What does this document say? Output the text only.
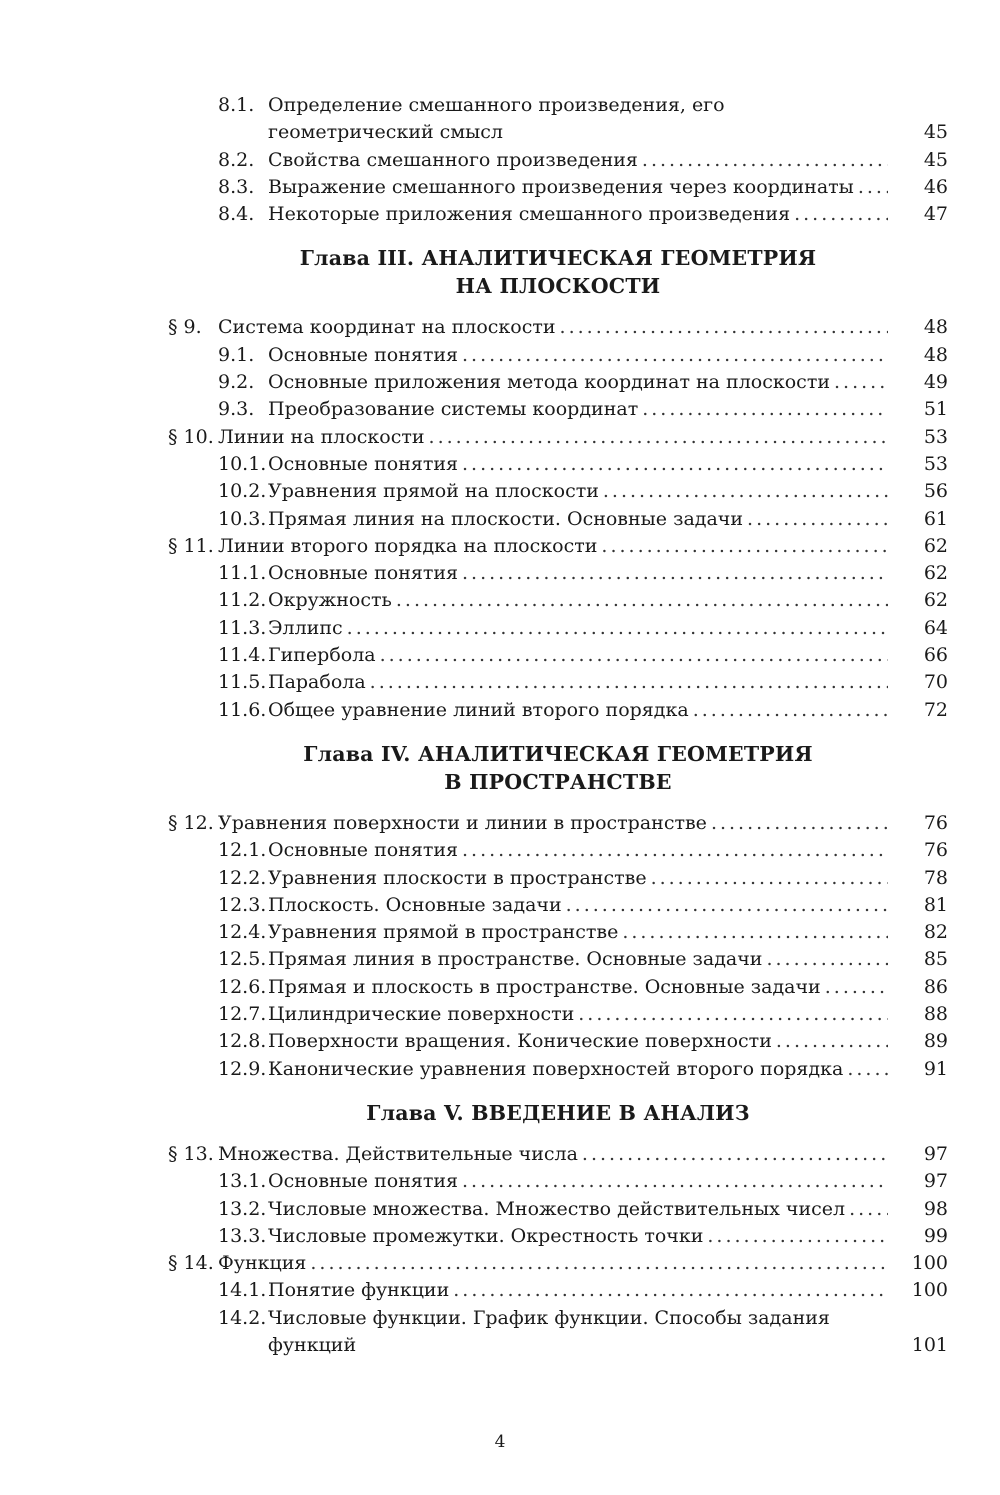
8.1. Определение смешанного произведения, его геометрический смысл	45
8.2. Свойства смешанного произведения .....	45
8.3. Выражение смешанного произведения через координаты .....	46
8.4. Некоторые приложения смешанного произведения .....	47
Глава III. АНАЛИТИЧЕСКАЯ ГЕОМЕТРИЯ
НА ПЛОСКОСТИ
§ 9. Система координат на плоскости .....	48
9.1. Основные понятия .....	48
9.2. Основные приложения метода координат на плоскости .....	49
9.3. Преобразование системы координат .....	51
§ 10. Линии на плоскости .....	53
10.1. Основные понятия .....	53
10.2. Уравнения прямой на плоскости .....	56
10.3. Прямая линия на плоскости. Основные задачи .....	61
§ 11. Линии второго порядка на плоскости .....	62
11.1. Основные понятия .....	62
11.2. Окружность .....	62
11.3. Эллипс .....	64
11.4. Гипербола .....	66
11.5. Парабола .....	70
11.6. Общее уравнение линий второго порядка .....	72
Глава IV. АНАЛИТИЧЕСКАЯ ГЕОМЕТРИЯ
В ПРОСТРАНСТВЕ
§ 12. Уравнения поверхности и линии в пространстве .....	76
12.1. Основные понятия .....	76
12.2. Уравнения плоскости в пространстве .....	78
12.3. Плоскость. Основные задачи .....	81
12.4. Уравнения прямой в пространстве .....	82
12.5. Прямая линия в пространстве. Основные задачи .....	85
12.6. Прямая и плоскость в пространстве. Основные задачи .....	86
12.7. Цилиндрические поверхности .....	88
12.8. Поверхности вращения. Конические поверхности .....	89
12.9. Канонические уравнения поверхностей второго порядка .....	91
Глава V. ВВЕДЕНИЕ В АНАЛИЗ
§ 13. Множества. Действительные числа .....	97
13.1. Основные понятия .....	97
13.2. Числовые множества. Множество действительных чисел .....	98
13.3. Числовые промежутки. Окрестность точки .....	99
§ 14. Функция .....	100
14.1. Понятие функции .....	100
14.2. Числовые функции. График функции. Способы задания функций	101
4
